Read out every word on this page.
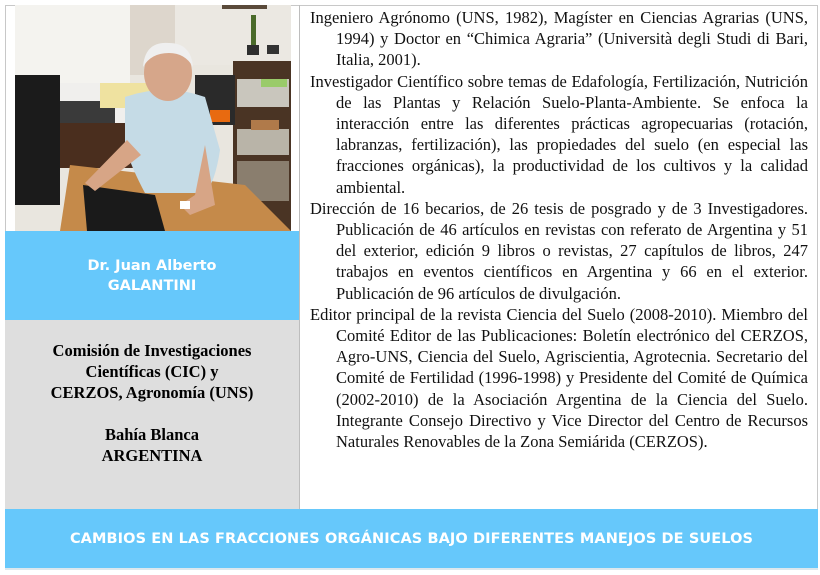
Dr. Juan Alberto
GALANTINI
Comisión de Investigaciones
Científicas (CIC) y
CERZOS, Agronomía (UNS)
Bahía Blanca
ARGENTINA

Ingeniero Agrónomo (UNS, 1982), Magíster en Ciencias Agrarias (UNS, 1994) y Doctor en “Chimica Agraria” (Università degli Studi di Bari, Italia, 2001).

Investigador Científico sobre temas de Edafología, Fertilización, Nutrición de las Plantas y Relación Suelo-Planta-Ambiente. Se enfoca la interacción entre las diferentes prácticas agropecuarias (rotación, labranzas, fertilización), las propiedades del suelo (en especial las fracciones orgánicas), la productividad de los cultivos y la calidad ambiental.

Dirección de 16 becarios, de 26 tesis de posgrado y de 3 Investigadores. Publicación de 46 artículos en revistas con referato de Argentina y 51 del exterior, edición 9 libros o revistas, 27 capítulos de libros, 247 trabajos en eventos científicos en Argentina y 66 en el exterior. Publicación de 96 artículos de divulgación.

Editor principal de la revista Ciencia del Suelo (2008-2010). Miembro del Comité Editor de las Publicaciones: Boletín electrónico del CERZOS, Agro-UNS, Ciencia del Suelo, Agriscientia, Agrotecnia. Secretario del Comité de Fertilidad (1996-1998) y Presidente del Comité de Química (2002-2010) de la Asociación Argentina de la Ciencia del Suelo. Integrante Consejo Directivo y Vice Director del Centro de Recursos Naturales Renovables de la Zona Semiárida (CERZOS).

CAMBIOS EN LAS FRACCIONES ORGÁNICAS BAJO DIFERENTES MANEJOS DE SUELOS
